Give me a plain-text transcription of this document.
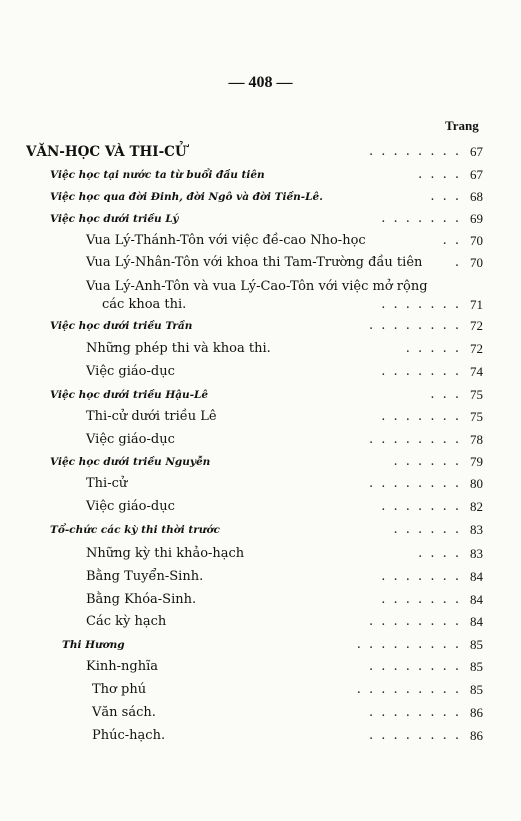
— 408 —
Trang
VĂN-HỌC VÀ THI-CỬ	. . . . . . . . 67
Việc học tại nước ta từ buổi đầu tiên	. . . . 67
Việc học qua đời Đinh, đời Ngô và đời Tiền-Lê.	. . . 68
Việc học dưới triều Lý	. . . . . . . 69
Vua Lý-Thánh-Tôn với việc đề-cao Nho-học	. . 70
Vua Lý-Nhân-Tôn với khoa thi Tam-Trường đầu tiên . 70
Vua Lý-Anh-Tôn và vua Lý-Cao-Tôn với việc mở rộng
các khoa thi.	. . . . . . . 71
Việc học dưới triều Trần	. . . . . . . . 72
Những phép thi và khoa thi.	. . . . . 72
Việc giáo-dục	. . . . . . . 74
Việc học dưới triều Hậu-Lê	. . . 75
Thi-cử dưới triều Lê	. . . . . . . 75
Việc giáo-dục	. . . . . . . . 78
Việc học dưới triều Nguyễn	. . . . . . 79
Thi-cử	. . . . . . . . 80
Việc giáo-dục	. . . . . . . 82
Tổ-chức các kỳ thi thời trước	. . . . . . 83
Những kỳ thi khảo-hạch	. . . . 83
Bằng Tuyển-Sinh.	. . . . . . . 84
Bằng Khóa-Sinh.	. . . . . . . 84
Các kỳ hạch	. . . . . . . . 84
Thi Hương	. . . . . . . . . 85
Kinh-nghĩa	. . . . . . . . 85
Thơ phú	. . . . . . . . . 85
Văn sách.	. . . . . . . . 86
Phúc-hạch.	. . . . . . . . 86
